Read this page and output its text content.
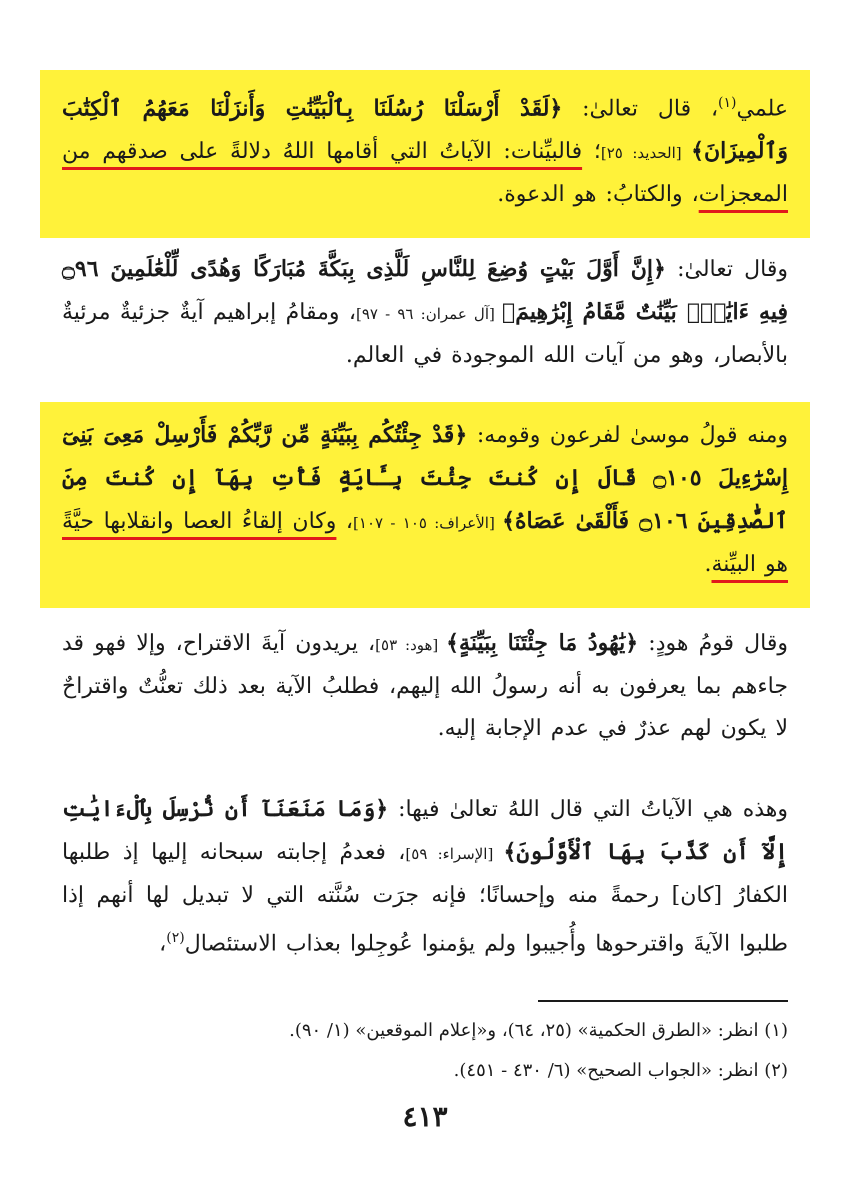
علمي$^{(١)}$، قال تعالىٰ: ﴿لَقَدْ أَرْسَلْنَا رُسُلَنَا بِٱلْبَيِّنَٰتِ وَأَنزَلْنَا مَعَهُمُ ٱلْكِتَٰبَ وَٱلْمِيزَانَ﴾ [الحديد: ٢٥]؛ فالبيِّنات: الآياتُ التي أقامها اللهُ دلالةً على صدقهم من المعجزات، والكتابُ: هو الدعوة.

وقال تعالىٰ: ﴿إِنَّ أَوَّلَ بَيْتٍ وُضِعَ لِلنَّاسِ لَلَّذِى بِبَكَّةَ مُبَارَكًا وَهُدًى لِّلْعَٰلَمِينَ ۝٩٦ فِيهِ ءَايَٰتٌۢ بَيِّنَٰتٌ مَّقَامُ إِبْرَٰهِيمَ﴾ [آل عمران: ٩٦ - ٩٧]، ومقامُ إبراهيم آيةٌ جزئيةٌ مرئيةٌ بالأبصار، وهو من آيات الله الموجودة في العالم.

ومنه قولُ موسىٰ لفرعون وقومه: ﴿قَدْ جِئْتُكُم بِبَيِّنَةٍ مِّن رَّبِّكُمْ فَأَرْسِلْ مَعِىَ بَنِىٓ إِسْرَٰٓءِيلَ ۝١٠٥ قَالَ إِن كُنتَ جِئْتَ بِـَٔايَةٍ فَأْتِ بِهَآ إِن كُنتَ مِنَ ٱلصَّٰدِقِينَ ۝١٠٦ فَأَلْقَىٰ عَصَاهُ﴾ [الأعراف: ١٠٥ - ١٠٧]، وكان إلقاءُ العصا وانقلابها حيَّةً هو البيِّنة.

وقال قومُ هودٍ: ﴿يَٰهُودُ مَا جِئْتَنَا بِبَيِّنَةٍ﴾ [هود: ٥٣]، يريدون آيةَ الاقتراح، وإلا فهو قد جاءهم بما يعرفون به أنه رسولُ الله إليهم، فطلبُ الآية بعد ذلك تعنُّتٌ واقتراحٌ لا يكون لهم عذرٌ في عدم الإجابة إليه.

وهذه هي الآياتُ التي قال اللهُ تعالىٰ فيها: ﴿وَمَا مَنَعَنَآ أَن نُّرْسِلَ بِٱلْءَايَٰتِ إِلَّآ أَن كَذَّبَ بِهَا ٱلْأَوَّلُونَ﴾ [الإسراء: ٥٩]، فعدمُ إجابته سبحانه إليها إذ طلبها الكفارُ [كان] رحمةً منه وإحسانًا؛ فإنه جرَت سُنَّته التي لا تبديل لها أنهم إذا طلبوا الآيةَ واقترحوها وأُجيبوا ولم يؤمنوا عُوجِلوا بعذاب الاستئصال$^{(٢)}$،

(١) انظر: «الطرق الحكمية» (٢٥، ٦٤)، و«إعلام الموقعين» (١/ ٩٠).
(٢) انظر: «الجواب الصحيح» (٦/ ٤٣٠ - ٤٥١).
٤١٣
